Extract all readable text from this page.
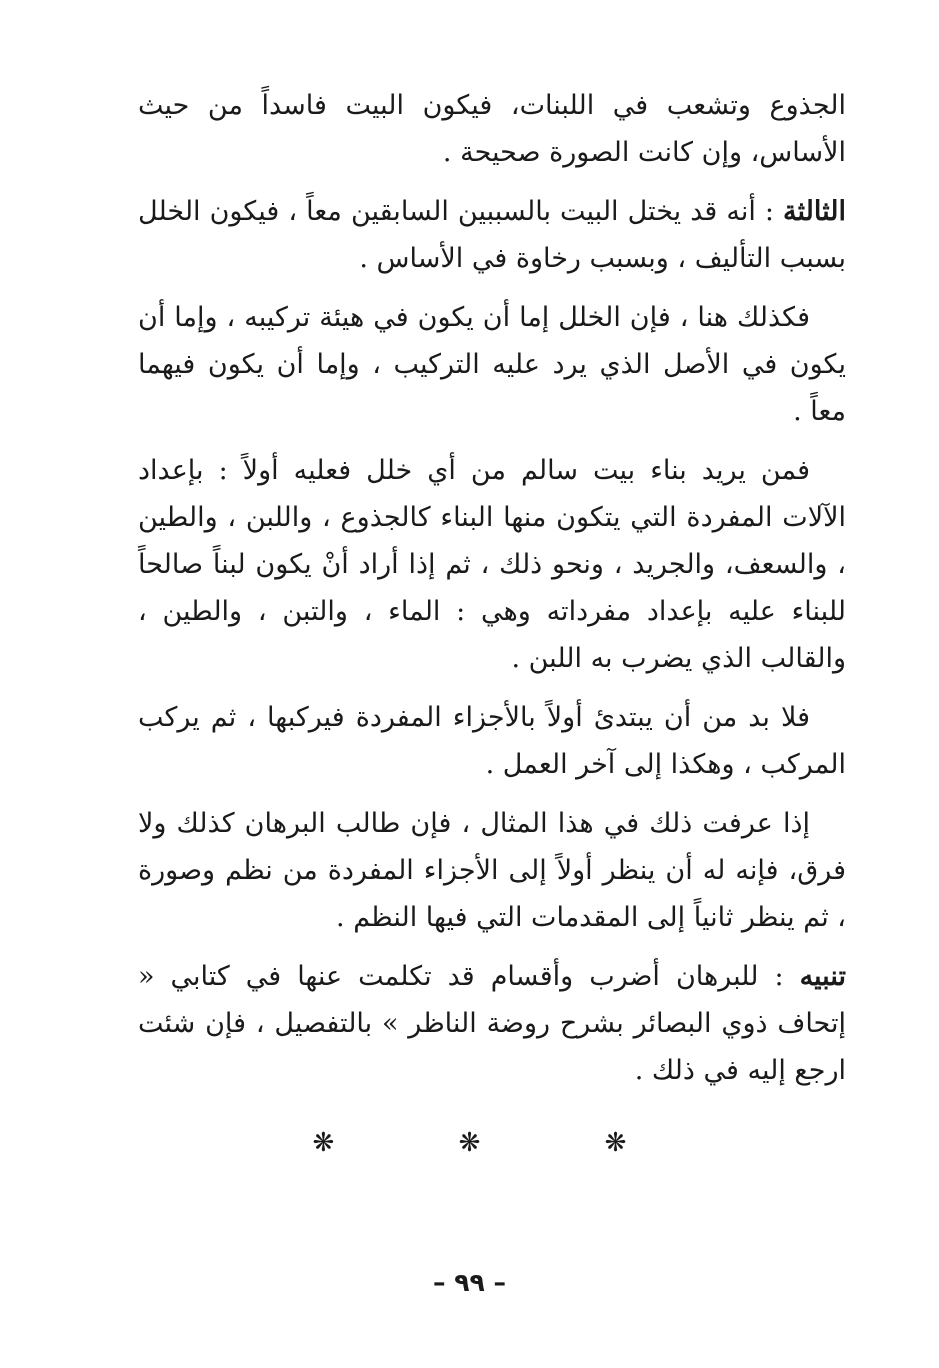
الجذوع وتشعب في اللبنات، فيكون البيت فاسداً من حيث الأساس، وإن كانت الصورة صحيحة .

الثالثة : أنه قد يختل البيت بالسببين السابقين معاً ، فيكون الخلل بسبب التأليف ، وبسبب رخاوة في الأساس .

فكذلك هنا ، فإن الخلل إما أن يكون في هيئة تركيبه ، وإما أن يكون في الأصل الذي يرد عليه التركيب ، وإما أن يكون فيهما معاً .

فمن يريد بناء بيت سالم من أي خلل فعليه أولاً : بإعداد الآلات المفردة التي يتكون منها البناء كالجذوع ، واللبن ، والطين ، والسعف، والجريد ، ونحو ذلك ، ثم إذا أراد أنْ يكون لبناً صالحاً للبناء عليه بإعداد مفرداته وهي : الماء ، والتبن ، والطين ، والقالب الذي يضرب به اللبن .

فلا بد من أن يبتدئ أولاً بالأجزاء المفردة فيركبها ، ثم يركب المركب ، وهكذا إلى آخر العمل .

إذا عرفت ذلك في هذا المثال ، فإن طالب البرهان كذلك ولا فرق، فإنه له أن ينظر أولاً إلى الأجزاء المفردة من نظم وصورة ، ثم ينظر ثانياً إلى المقدمات التي فيها النظم .

تنبيه : للبرهان أضرب وأقسام قد تكلمت عنها في كتابي « إتحاف ذوي البصائر بشرح روضة الناظر » بالتفصيل ، فإن شئت ارجع إليه في ذلك .

❋ ❋ ❋
– ٩٩ –
